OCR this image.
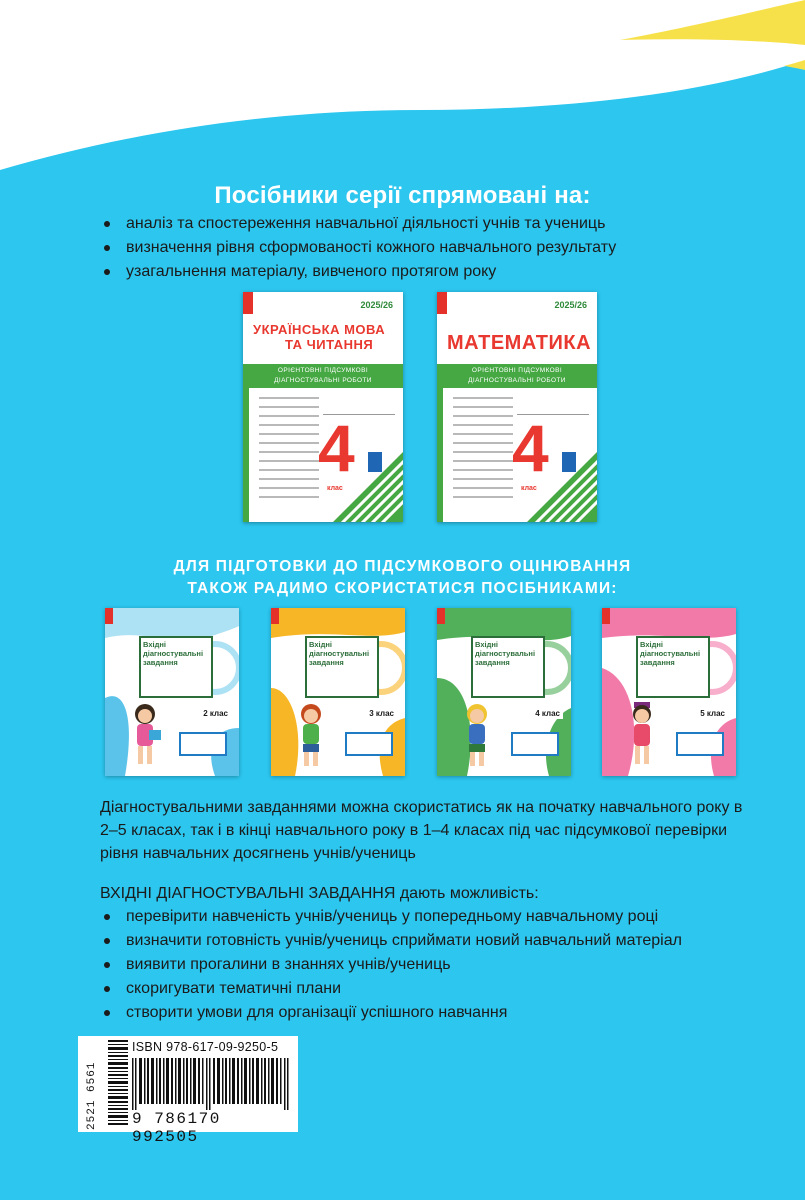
Посібники серії спрямовані на:
аналіз та спостереження навчальної діяльності учнів та учениць
визначення рівня сформованості кожного навчального результату
узагальнення матеріалу, вивченого протягом року
2025/26
УКРАЇНСЬКА МОВА
ТА ЧИТАННЯ
ОРІЄНТОВНІ ПІДСУМКОВІ
ДІАГНОСТУВАЛЬНІ РОБОТИ
4
клас
2025/26
МАТЕМАТИКА
ОРІЄНТОВНІ ПІДСУМКОВІ
ДІАГНОСТУВАЛЬНІ РОБОТИ
4
клас
ДЛЯ ПІДГОТОВКИ ДО ПІДСУМКОВОГО ОЦІНЮВАННЯ
ТАКОЖ РАДИМО СКОРИСТАТИСЯ ПОСІБНИКАМИ:
Вхідні діагностувальні завдання
2 клас
Вхідні діагностувальні завдання
3 клас
Вхідні діагностувальні завдання
4 клас
Вхідні діагностувальні завдання
5 клас
Діагностувальними завданнями можна скористатись як на початку навчального року в 2–5 класах, так і в кінці навчального року в 1–4 класах під час підсумкової перевірки рівня навчальних досягнень учнів/учениць
ВХІДНІ ДІАГНОСТУВАЛЬНІ ЗАВДАННЯ дають можливість:
перевірити навченість учнів/учениць у попередньому навчальному році
визначити готовність учнів/учениць сприймати новий навчальний матеріал
виявити прогалини в знаннях учнів/учениць
скоригувати тематичні плани
створити умови для організації успішного навчання
2521 6561
ISBN 978-617-09-9250-5
9 786170 992505
